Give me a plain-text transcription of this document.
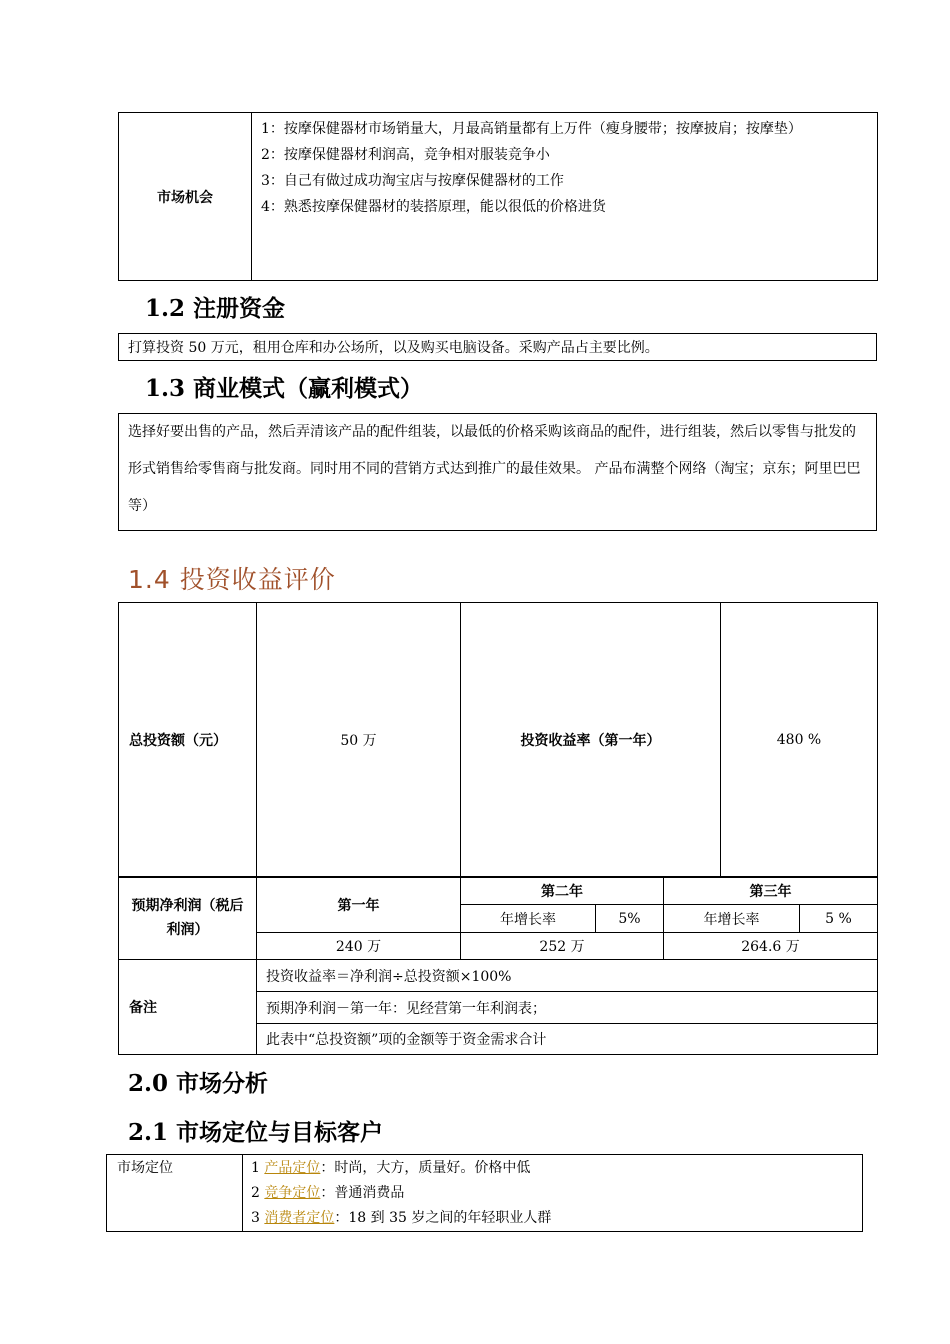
市场机会	
1：按摩保健器材市场销量大，月最高销量都有上万件（瘦身腰带；按摩披肩；按摩垫）
2：按摩保健器材利润高，竞争相对服装竞争小
3：自己有做过成功淘宝店与按摩保健器材的工作
4：熟悉按摩保健器材的装搭原理，能以很低的价格进货
1.2 注册资金
打算投资 50 万元，租用仓库和办公场所，以及购买电脑设备。采购产品占主要比例。
1.3 商业模式（赢利模式）
选择好要出售的产品，然后弄清该产品的配件组装，以最低的价格采购该商品的配件，进行组装，然后以零售与批发的形式销售给零售商与批发商。同时用不同的营销方式达到推广的最佳效果。 产品布满整个网络（淘宝；京东；阿里巴巴等）
1.4 投资收益评价
总投资额（元）	50 万	投资收益率（第一年）	480 %
预期净利润（税后利润）	第一年	第二年		第三年	
		年增长率	5%	年增长率	5 %
	240 万	252 万		264.6 万	
备注	投资收益率＝净利润÷总投资额×100%
预期净利润－第一年：见经营第一年利润表；
此表中“总投资额”项的金额等于资金需求合计
2.0 市场分析
2.1 市场定位与目标客户
市场定位	1 产品定位：时尚，大方，质量好。价格中低
2 竞争定位：普通消费品
3 消费者定位：18 到 35 岁之间的年轻职业人群
